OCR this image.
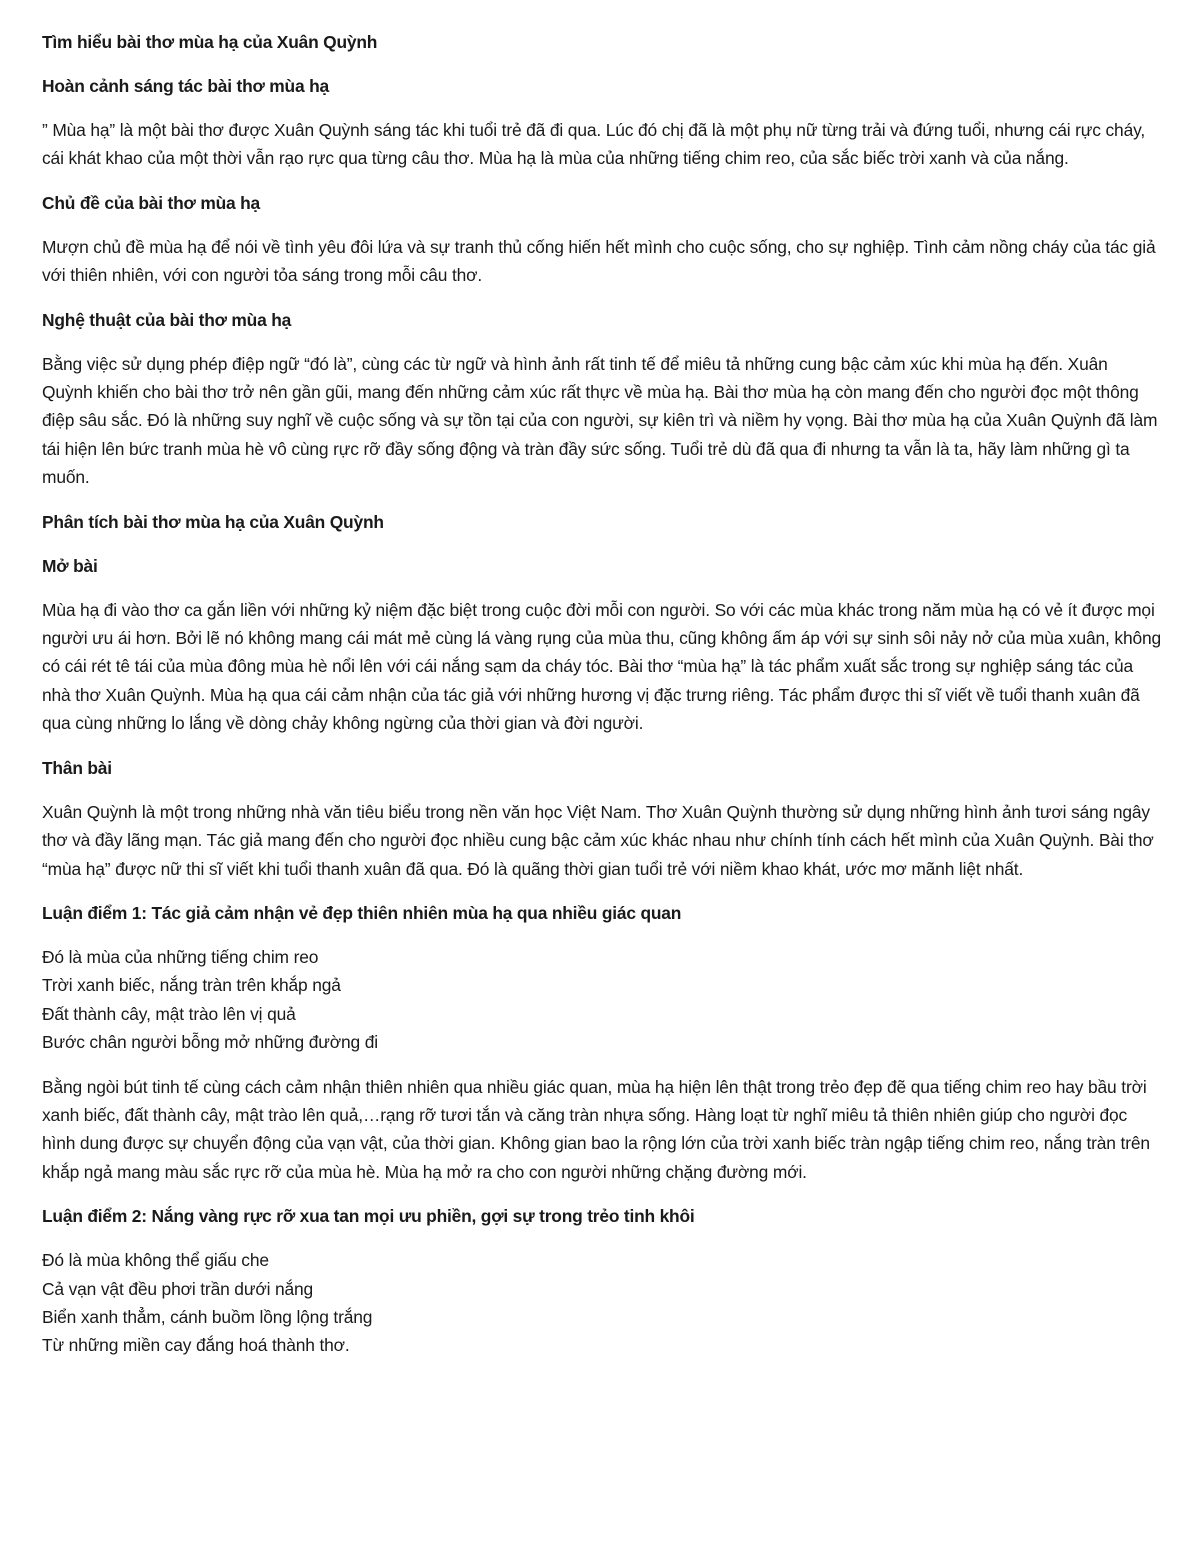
Tìm hiểu bài thơ mùa hạ của Xuân Quỳnh
Hoàn cảnh sáng tác bài thơ mùa hạ
” Mùa hạ” là một bài thơ được Xuân Quỳnh sáng tác khi tuổi trẻ đã đi qua. Lúc đó chị đã là một phụ nữ từng trải và đứng tuổi, nhưng cái rực cháy, cái khát khao của một thời vẫn rạo rực qua từng câu thơ. Mùa hạ là mùa của những tiếng chim reo, của sắc biếc trời xanh và của nắng.
Chủ đề của bài thơ mùa hạ
Mượn chủ đề mùa hạ để nói về tình yêu đôi lứa và sự tranh thủ cống hiến hết mình cho cuộc sống, cho sự nghiệp. Tình cảm nồng cháy của tác giả với thiên nhiên, với con người tỏa sáng trong mỗi câu thơ.
Nghệ thuật của bài thơ mùa hạ
Bằng việc sử dụng phép điệp ngữ “đó là”, cùng các từ ngữ và hình ảnh rất tinh tế để miêu tả những cung bậc cảm xúc khi mùa hạ đến. Xuân Quỳnh khiến cho bài thơ trở nên gần gũi, mang đến những cảm xúc rất thực về mùa hạ. Bài thơ mùa hạ còn mang đến cho người đọc một thông điệp sâu sắc. Đó là những suy nghĩ về cuộc sống và sự tồn tại của con người, sự kiên trì và niềm hy vọng. Bài thơ mùa hạ của Xuân Quỳnh đã làm tái hiện lên bức tranh mùa hè vô cùng rực rỡ đầy sống động và tràn đầy sức sống. Tuổi trẻ dù đã qua đi nhưng ta vẫn là ta, hãy làm những gì ta muốn.
Phân tích bài thơ mùa hạ của Xuân Quỳnh
Mở bài
Mùa hạ đi vào thơ ca gắn liền với những kỷ niệm đặc biệt trong cuộc đời mỗi con người. So với các mùa khác trong năm mùa hạ có vẻ ít được mọi người ưu ái hơn. Bởi lẽ nó không mang cái mát mẻ cùng lá vàng rụng của mùa thu, cũng không ấm áp với sự sinh sôi nảy nở của mùa xuân, không có cái rét tê tái của mùa đông mùa hè nổi lên với cái nắng sạm da cháy tóc. Bài thơ “mùa hạ” là tác phẩm xuất sắc trong sự nghiệp sáng tác của nhà thơ Xuân Quỳnh. Mùa hạ qua cái cảm nhận của tác giả với những hương vị đặc trưng riêng. Tác phẩm được thi sĩ viết về tuổi thanh xuân đã qua cùng những lo lắng về dòng chảy không ngừng của thời gian và đời người.
Thân bài
Xuân Quỳnh là một trong những nhà văn tiêu biểu trong nền văn học Việt Nam. Thơ Xuân Quỳnh thường sử dụng những hình ảnh tươi sáng ngây thơ và đầy lãng mạn. Tác giả mang đến cho người đọc nhiều cung bậc cảm xúc khác nhau như chính tính cách hết mình của Xuân Quỳnh. Bài thơ “mùa hạ” được nữ thi sĩ viết khi tuổi thanh xuân đã qua. Đó là quãng thời gian tuổi trẻ với niềm khao khát, ước mơ mãnh liệt nhất.
Luận điểm 1: Tác giả cảm nhận vẻ đẹp thiên nhiên mùa hạ qua nhiều giác quan
Đó là mùa của những tiếng chim reo
Trời xanh biếc, nắng tràn trên khắp ngả
Đất thành cây, mật trào lên vị quả
Bước chân người bỗng mở những đường đi
Bằng ngòi bút tinh tế cùng cách cảm nhận thiên nhiên qua nhiều giác quan, mùa hạ hiện lên thật trong trẻo đẹp đẽ qua tiếng chim reo hay bầu trời xanh biếc, đất thành cây, mật trào lên quả,…rạng rỡ tươi tắn và căng tràn nhựa sống. Hàng loạt từ nghĩ miêu tả thiên nhiên giúp cho người đọc hình dung được sự chuyển động của vạn vật, của thời gian. Không gian bao la rộng lớn của trời xanh biếc tràn ngập tiếng chim reo, nắng tràn trên khắp ngả mang màu sắc rực rỡ của mùa hè. Mùa hạ mở ra cho con người những chặng đường mới.
Luận điểm 2: Nắng vàng rực rỡ xua tan mọi ưu phiền, gợi sự trong trẻo tinh khôi
Đó là mùa không thể giấu che
Cả vạn vật đều phơi trần dưới nắng
Biển xanh thẳm, cánh buồm lồng lộng trắng
Từ những miền cay đắng hoá thành thơ.
